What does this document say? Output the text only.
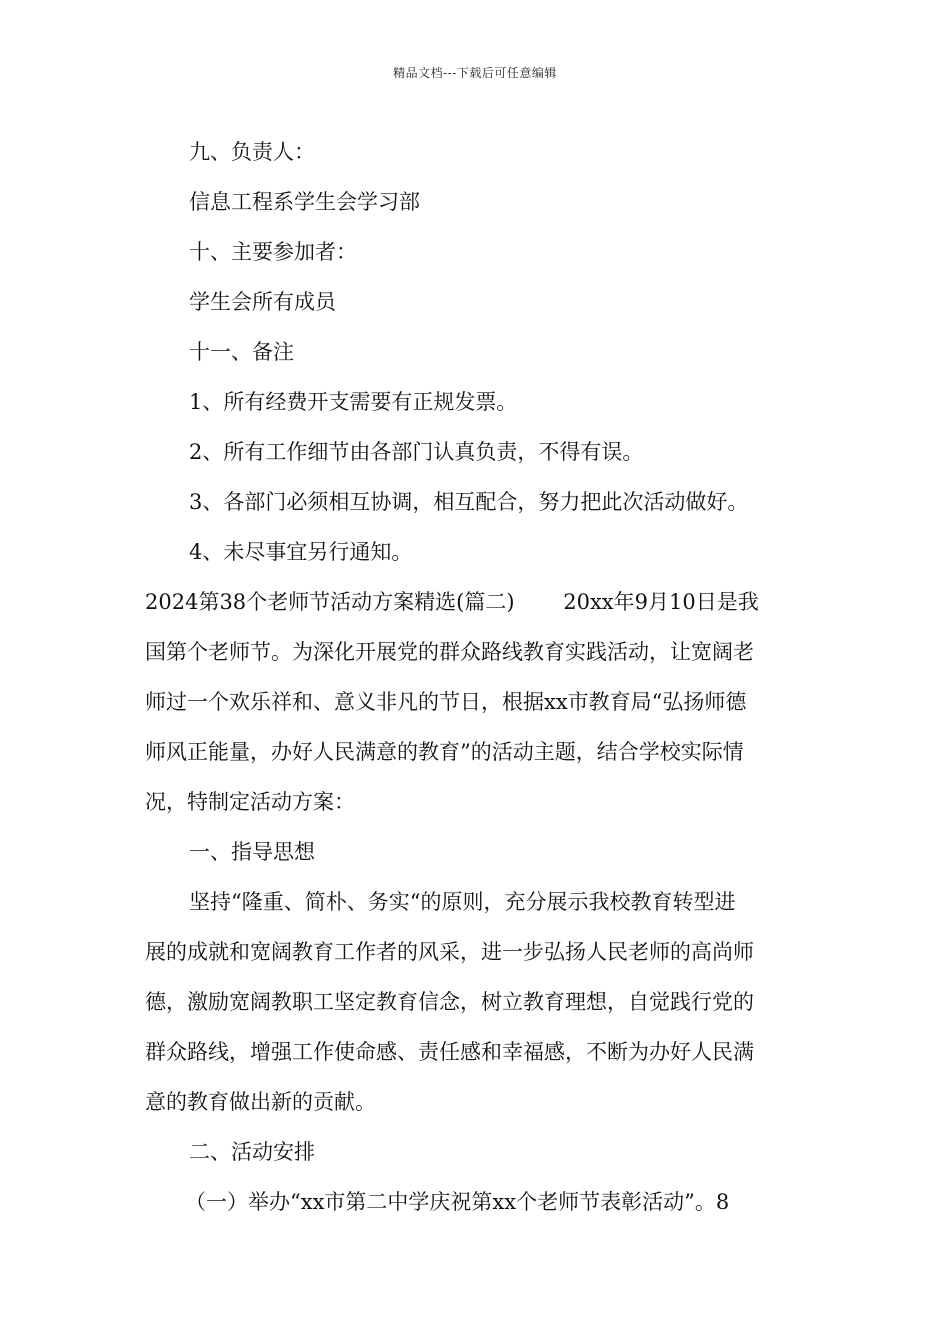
精品文档---下载后可任意编辑
九、负责人：
信息工程系学生会学习部
十、主要参加者：
学生会所有成员
十一、备注
1、所有经费开支需要有正规发票。
2、所有工作细节由各部门认真负责，不得有误。
3、各部门必须相互协调，相互配合，努力把此次活动做好。
4、未尽事宜另行通知。
2024第38个老师节活动方案精选(篇二)　　 20xx年9月10日是我
国第个老师节。为深化开展党的群众路线教育实践活动，让宽阔老
师过一个欢乐祥和、意义非凡的节日，根据xx市教育局“弘扬师德
师风正能量，办好人民满意的教育”的活动主题，结合学校实际情
况，特制定活动方案：
一、指导思想
坚持“隆重、简朴、务实“的原则，充分展示我校教育转型进
展的成就和宽阔教育工作者的风采，进一步弘扬人民老师的高尚师
德，激励宽阔教职工坚定教育信念，树立教育理想，自觉践行党的
群众路线，增强工作使命感、责任感和幸福感，不断为办好人民满
意的教育做出新的贡献。
二、活动安排
（一）举办“xx市第二中学庆祝第xx个老师节表彰活动”。8
